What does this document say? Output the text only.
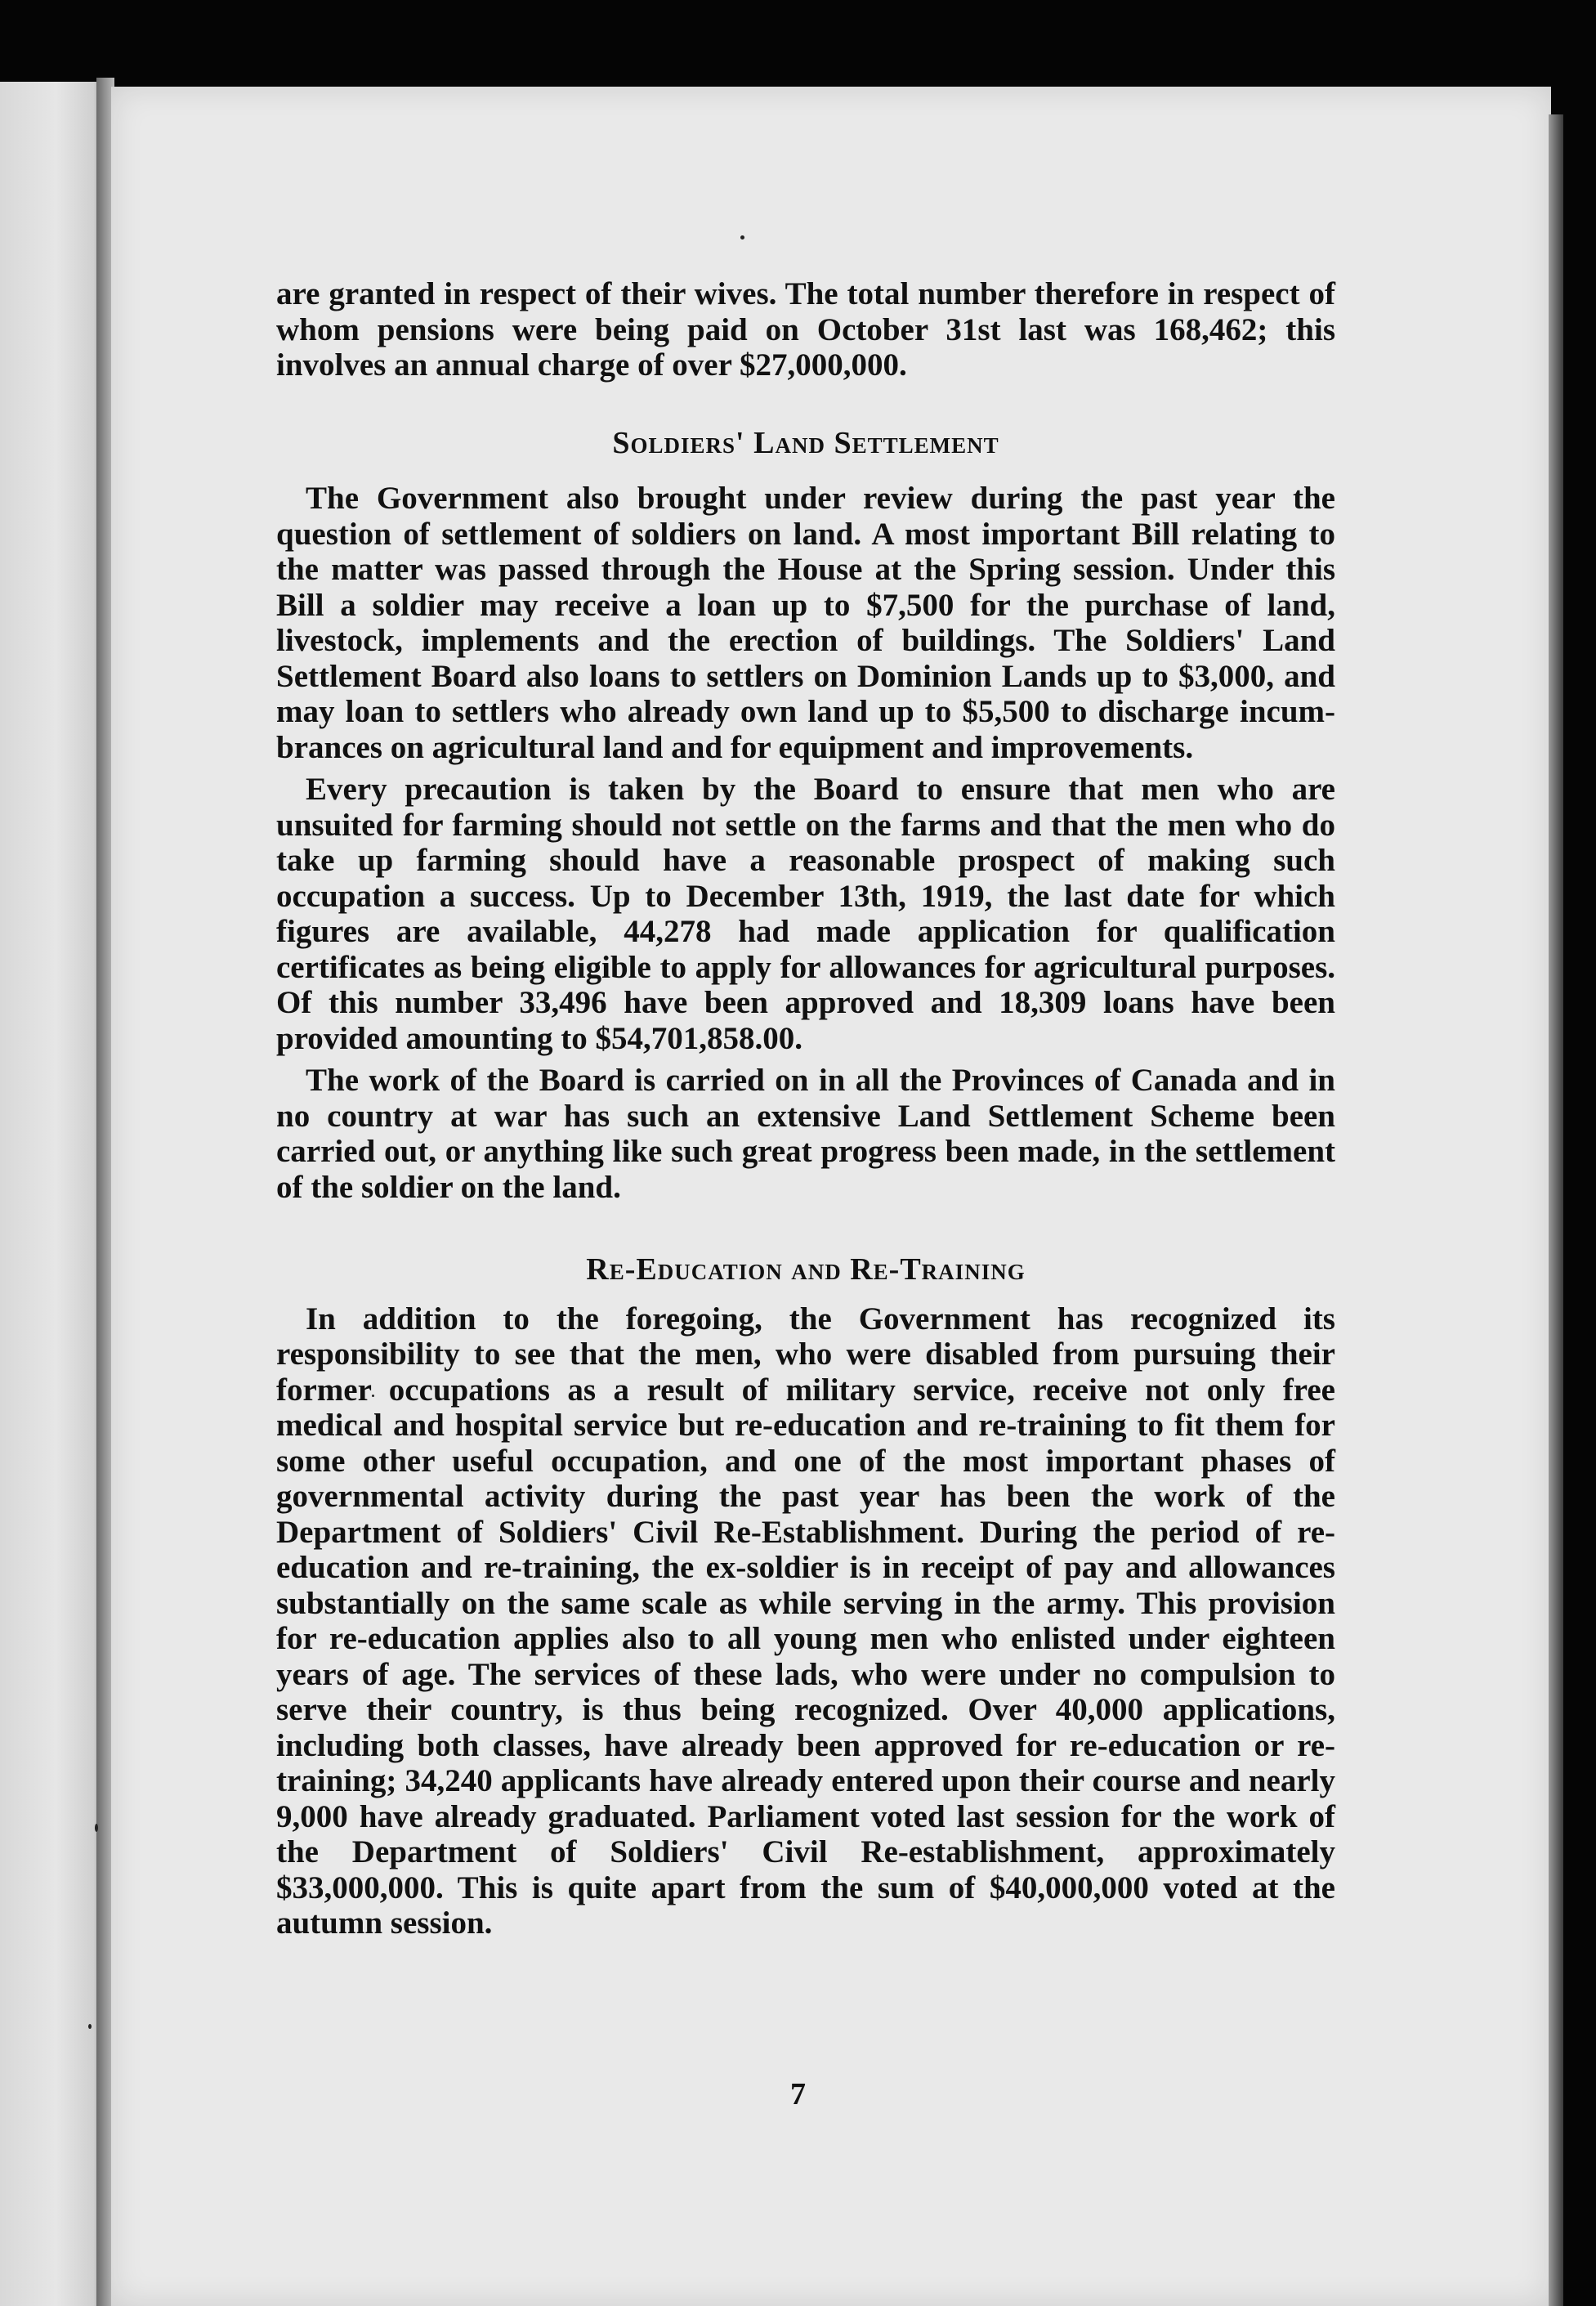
are granted in respect of their wives. The total number therefore in respect of whom pensions were being paid on October 31st last was 168,462; this involves an annual charge of over $27,000,000.

Soldiers' Land Settlement

The Government also brought under review during the past year the question of settlement of soldiers on land. A most important Bill relating to the matter was passed through the House at the Spring session. Under this Bill a soldier may receive a loan up to $7,500 for the purchase of land, livestock, implements and the erection of buildings. The Soldiers' Land Settlement Board also loans to settlers on Dominion Lands up to $3,000, and may loan to settlers who already own land up to $5,500 to discharge incumbrances on agricultural land and for equipment and improvements.

Every precaution is taken by the Board to ensure that men who are unsuited for farming should not settle on the farms and that the men who do take up farming should have a reasonable prospect of making such occupation a success. Up to December 13th, 1919, the last date for which figures are available, 44,278 had made application for qualification certificates as being eligible to apply for allowances for agricultural purposes. Of this number 33,496 have been approved and 18,309 loans have been provided amounting to $54,701,858.00.

The work of the Board is carried on in all the Provinces of Canada and in no country at war has such an extensive Land Settlement Scheme been carried out, or anything like such great progress been made, in the settlement of the soldier on the land.

Re-Education and Re-Training

In addition to the foregoing, the Government has recognized its responsibility to see that the men, who were disabled from pursuing their former occupations as a result of military service, receive not only free medical and hospital service but re-education and re-training to fit them for some other useful occupation, and one of the most important phases of governmental activity during the past year has been the work of the Department of Soldiers' Civil Re-Establishment. During the period of re-education and re-training, the ex-soldier is in receipt of pay and allowances substantially on the same scale as while serving in the army. This provision for re-education applies also to all young men who enlisted under eighteen years of age. The services of these lads, who were under no compulsion to serve their country, is thus being recognized. Over 40,000 applications, including both classes, have already been approved for re-education or re-training; 34,240 applicants have already entered upon their course and nearly 9,000 have already graduated. Parliament voted last session for the work of the Department of Soldiers' Civil Re-establishment, approximately $33,000,000. This is quite apart from the sum of $40,000,000 voted at the autumn session.

7
